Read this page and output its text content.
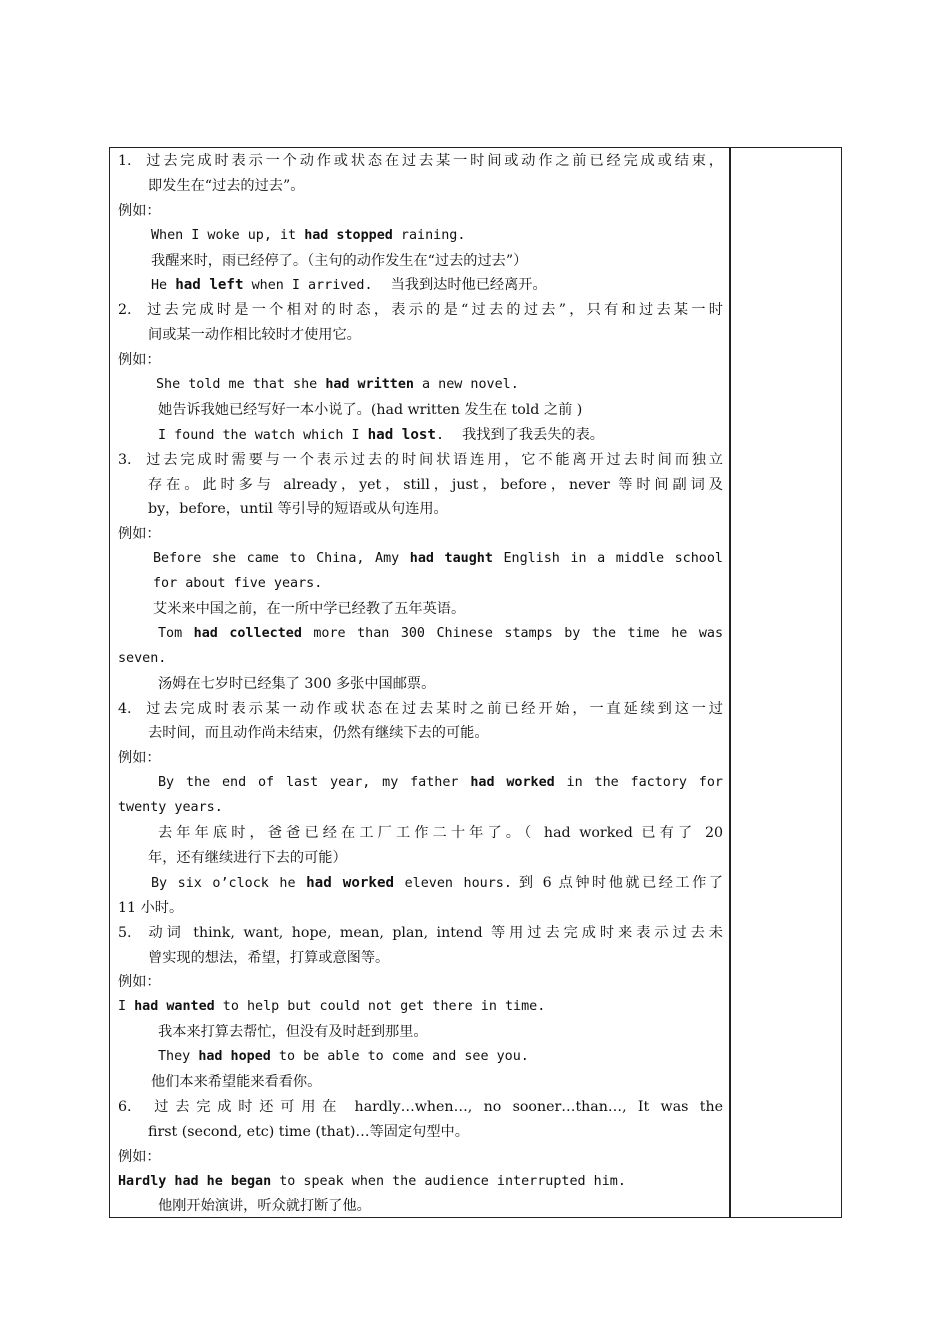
1. 过去完成时表示一个动作或状态在过去某一时间或动作之前已经完成或结束，
即发生在“过去的过去”。
例如：
When I woke up, it had stopped raining.
我醒来时，雨已经停了。（主句的动作发生在“过去的过去”）
He had left when I arrived. 当我到达时他已经离开。
2. 过去完成时是一个相对的时态，表示的是“过去的过去”，只有和过去某一时
间或某一动作相比较时才使用它。
例如：
She told me that she had written a new novel.
她告诉我她已经写好一本小说了。(had written 发生在 told 之前 )
I found the watch which I had lost. 我找到了我丢失的表。
3. 过去完成时需要与一个表示过去的时间状语连用，它不能离开过去时间而独立
存在。此时多与 already，yet，still，just，before，never 等时间副词及
by，before，until 等引导的短语或从句连用。
例如：
Before she came to China, Amy had taught English in a middle school
for about five years.
艾米来中国之前，在一所中学已经教了五年英语。
Tom had collected more than 300 Chinese stamps by the time he was
seven.
汤姆在七岁时已经集了 300 多张中国邮票。
4. 过去完成时表示某一动作或状态在过去某时之前已经开始，一直延续到这一过
去时间，而且动作尚未结束，仍然有继续下去的可能。
例如：
By the end of last year, my father had worked in the factory for
twenty years.
去年年底时，爸爸已经在工厂工作二十年了。（ had worked 已有了 20
年，还有继续进行下去的可能）
By six o’clock he had worked eleven hours. 到 6 点钟时他就已经工作了
11 小时。
5. 动词 think, want, hope, mean, plan, intend 等用过去完成时来表示过去未
曾实现的想法，希望，打算或意图等。
例如：
I had wanted to help but could not get there in time.
我本来打算去帮忙，但没有及时赶到那里。
They had hoped to be able to come and see you.
他们本来希望能来看看你。
6. 过去完成时还可用在 hardly…when…, no sooner…than…, It was the
first (second, etc) time (that)…等固定句型中。
例如：
Hardly had he began to speak when the audience interrupted him.
他刚开始演讲，听众就打断了他。
